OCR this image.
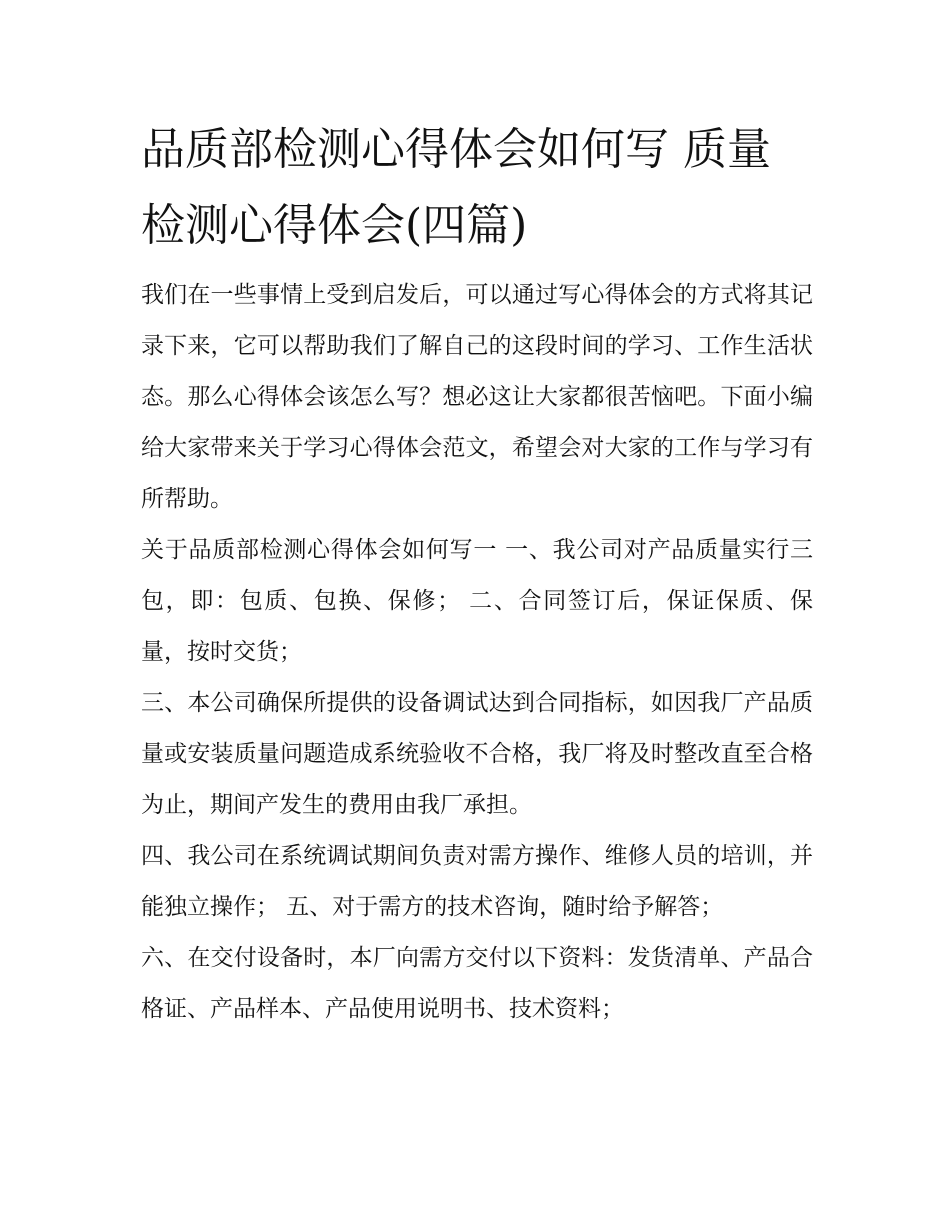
品质部检测心得体会如何写 质量检测心得体会(四篇)

我们在一些事情上受到启发后，可以通过写心得体会的方式将其记录下来，它可以帮助我们了解自己的这段时间的学习、工作生活状态。那么心得体会该怎么写？想必这让大家都很苦恼吧。下面小编给大家带来关于学习心得体会范文，希望会对大家的工作与学习有所帮助。

关于品质部检测心得体会如何写一 一、我公司对产品质量实行三包，即：包质、包换、保修； 二、合同签订后，保证保质、保量，按时交货；

三、本公司确保所提供的设备调试达到合同指标，如因我厂产品质量或安装质量问题造成系统验收不合格，我厂将及时整改直至合格为止，期间产发生的费用由我厂承担。

四、我公司在系统调试期间负责对需方操作、维修人员的培训，并能独立操作； 五、对于需方的技术咨询，随时给予解答；

六、在交付设备时，本厂向需方交付以下资料：发货清单、产品合格证、产品样本、产品使用说明书、技术资料；
